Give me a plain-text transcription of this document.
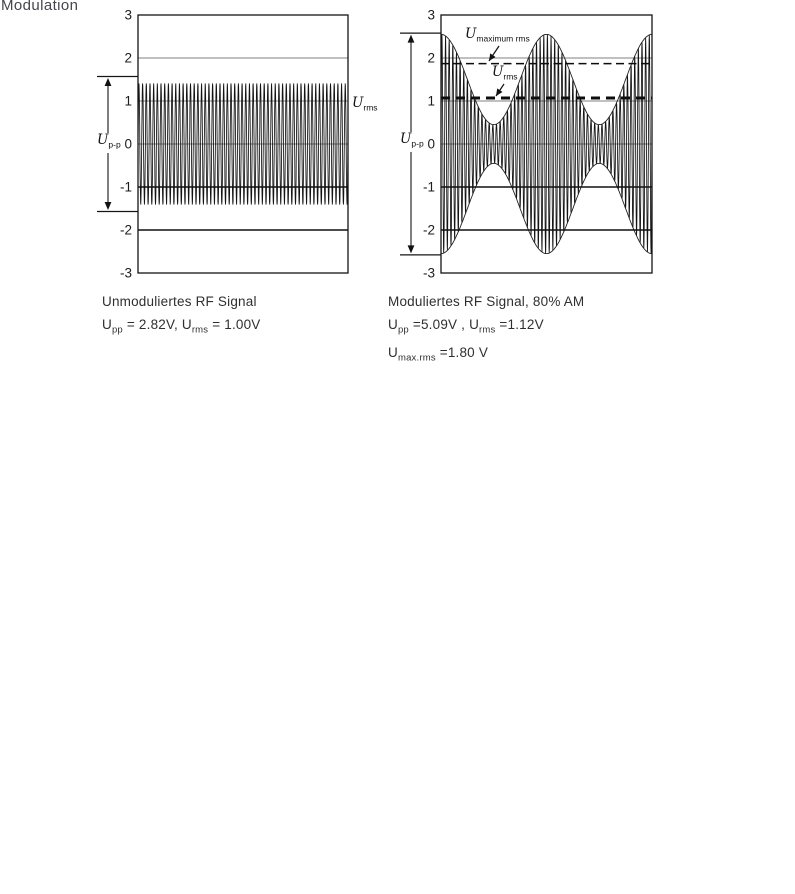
Modulation
3
2
1
0
-1
-2
-3
3
2
1
0
-1
-2
-3
$U_{p-p}$
$U_{rms}$
$U_{p-p}$
$U_{maximum rms}$
$U_{rms}$
Unmoduliertes RF Signal
$U_{pp} = 2.82V$, $U_{rms} = 1.00V$
Moduliertes RF Signal, 80% AM
$U_{pp} =5.09V$ , $U_{rms} =1.12V$
$U_{max.rms} =1.80$ V
